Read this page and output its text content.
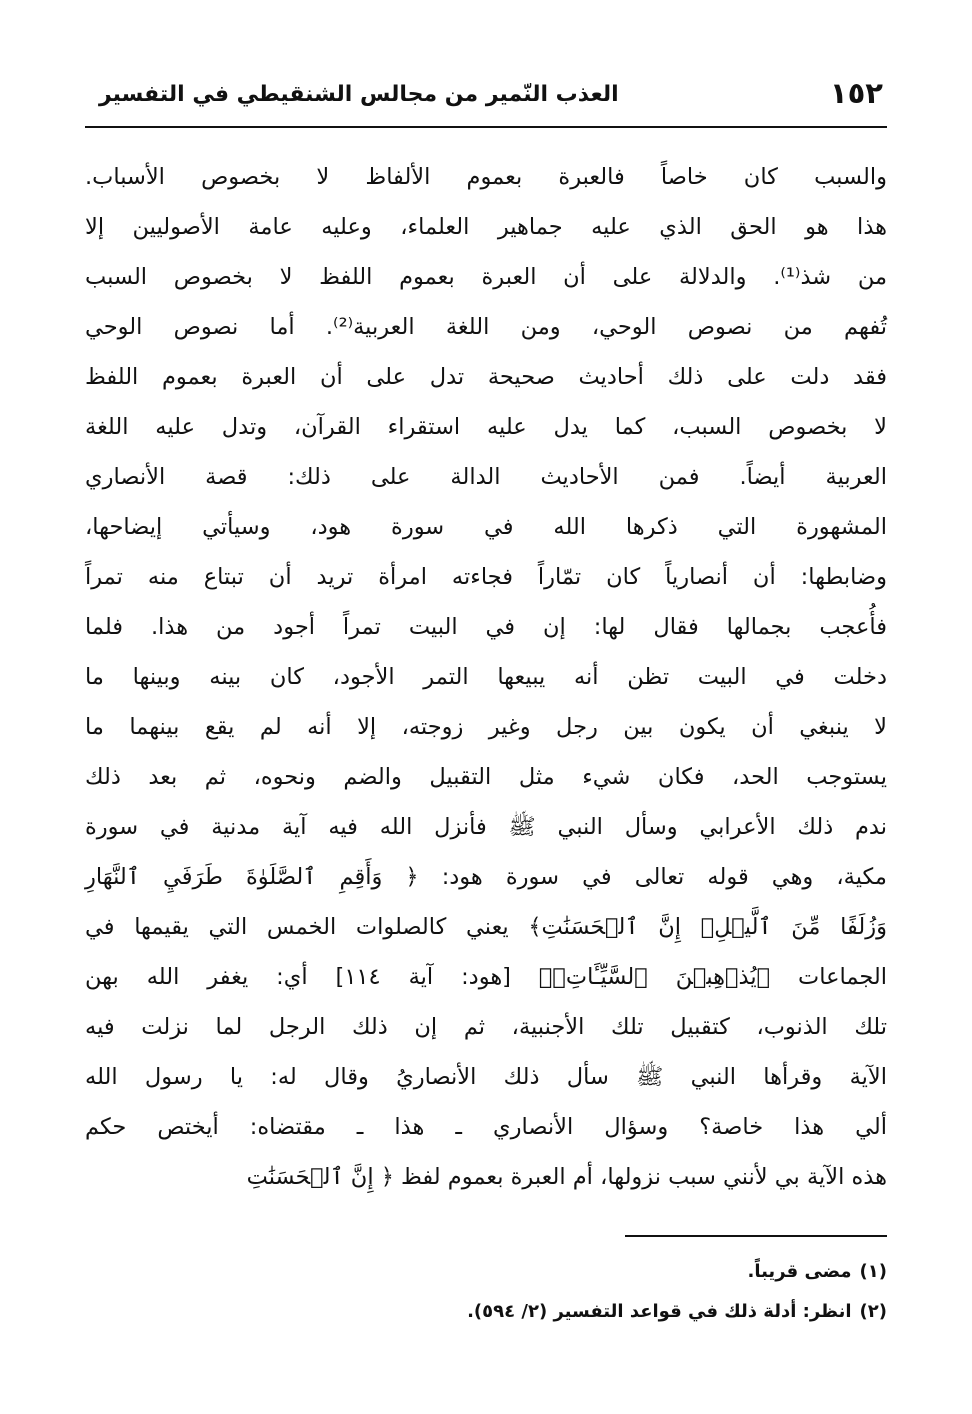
١٥٢
العذب النّمير من مجالس الشنقيطي في التفسير
والسبب كان خاصاً فالعبرة بعموم الألفاظ لا بخصوص الأسباب.
هذا هو الحق الذي عليه جماهير العلماء، وعليه عامة الأصوليين إلا
من شذ⁽¹⁾. والدلالة على أن العبرة بعموم اللفظ لا بخصوص السبب
تُفهم من نصوص الوحي، ومن اللغة العربية⁽²⁾. أما نصوص الوحي
فقد دلت على ذلك أحاديث صحيحة تدل على أن العبرة بعموم اللفظ
لا بخصوص السبب، كما يدل عليه استقراء القرآن، وتدل عليه اللغة
العربية أيضاً. فمن الأحاديث الدالة على ذلك: قصة الأنصاري
المشهورة التي ذكرها الله في سورة هود، وسيأتي إيضاحها،
وضابطها: أن أنصارياً كان تمّاراً فجاءته امرأة تريد أن تبتاع منه تمراً
فأُعجب بجمالها فقال لها: إن في البيت تمراً أجود من هذا. فلما
دخلت في البيت تظن أنه يبيعها التمر الأجود، كان بينه وبينها ما
لا ينبغي أن يكون بين رجل وغير زوجته، إلا أنه لم يقع بينهما ما
يستوجب الحد، فكان شيء مثل التقبيل والضم ونحوه، ثم بعد ذلك
ندم ذلك الأعرابي وسأل النبي ﷺ فأنزل الله فيه آية مدنية في سورة
مكية، وهي قوله تعالى في سورة هود: ﴿ وَأَقِمِ ٱلصَّلَوٰةَ طَرَفَيِ ٱلنَّهَارِ
وَزُلَفًا مِّنَ ٱلَّيۡلِۚ إِنَّ ٱلۡحَسَنَٰتِ﴾ يعني كالصلوات الخمس التي يقيمها في
الجماعات ﴿يُذۡهِبۡنَ ٱلسَّيِّـَٔاتِۚ﴾ [هود: آية ١١٤] أي: يغفر الله بهن
تلك الذنوب، كتقبيل تلك الأجنبية، ثم إن ذلك الرجل لما نزلت فيه
الآية وقرأها النبي ﷺ سأل ذلك الأنصاريُ وقال له: يا رسول الله
ألي هذا خاصة؟ وسؤال الأنصاري ـ هذا ـ مقتضاه: أيختص حكم
هذه الآية بي لأنني سبب نزولها، أم العبرة بعموم لفظ ﴿ إِنَّ ٱلۡحَسَنَٰتِ
(١)مضى قريباً.
(٢)انظر: أدلة ذلك في قواعد التفسير (٢/ ٥٩٤).
